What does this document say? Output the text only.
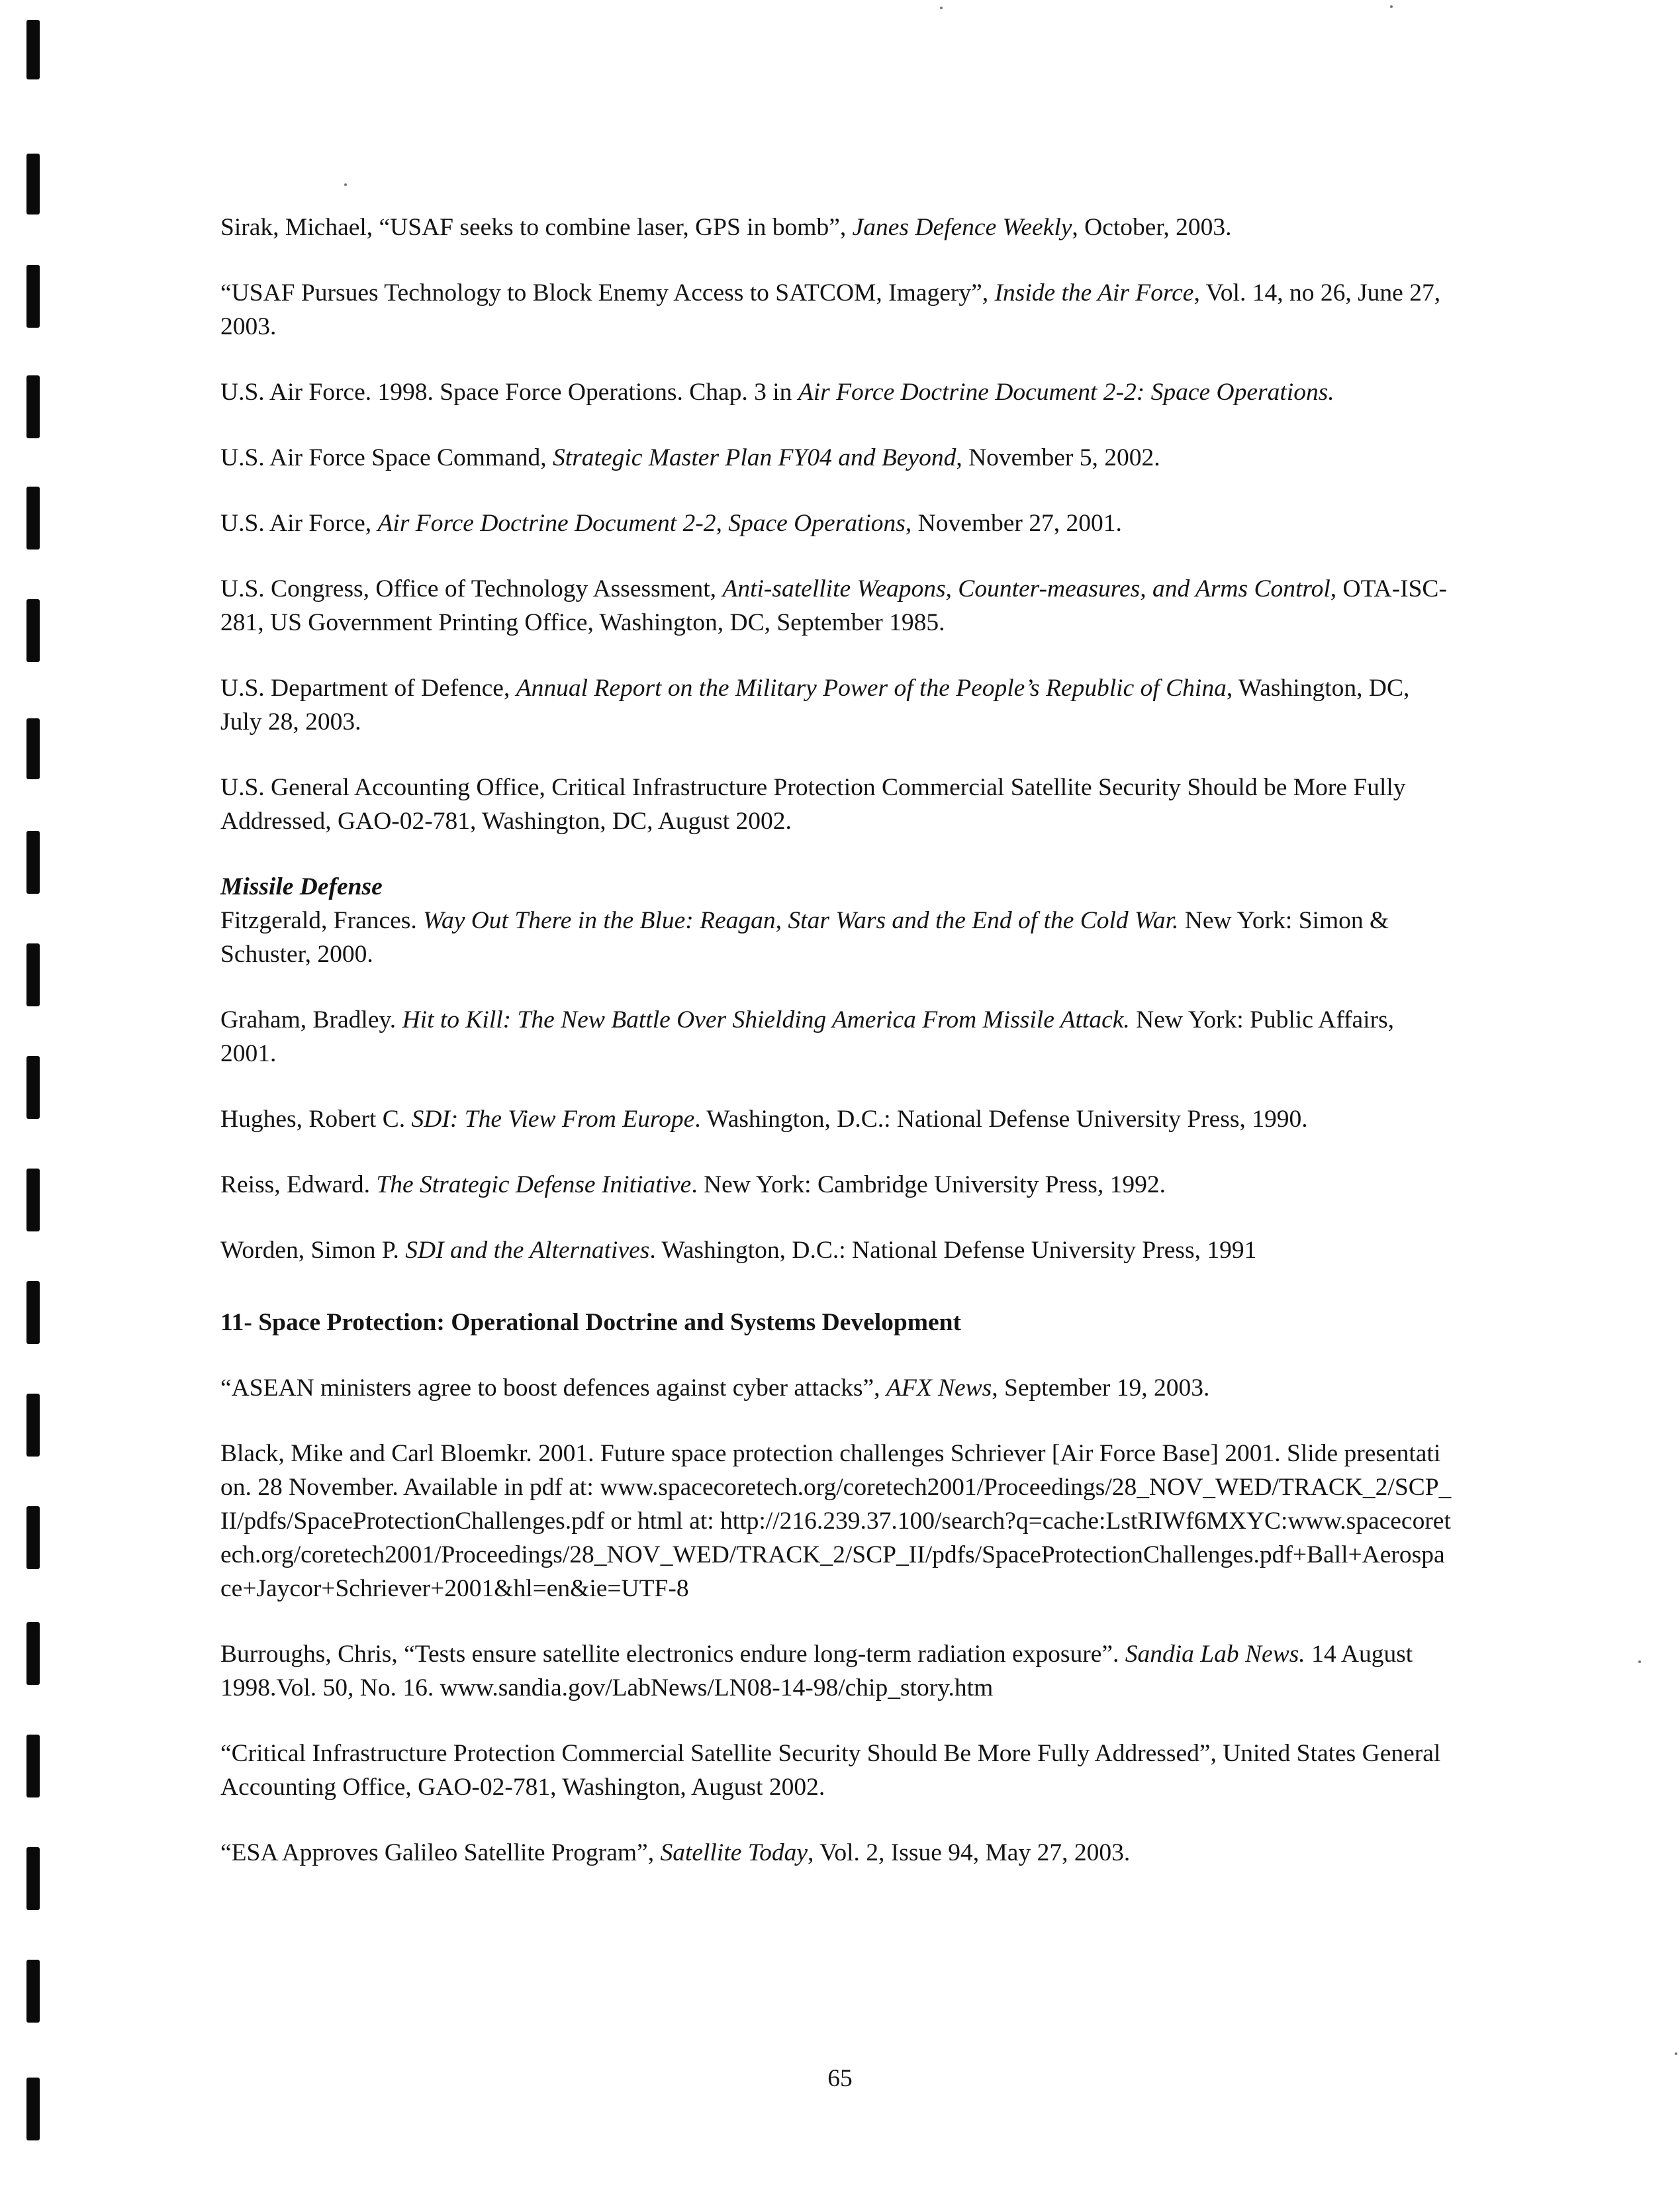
Sirak, Michael, “USAF seeks to combine laser, GPS in bomb”, Janes Defence Weekly, October, 2003.

“USAF Pursues Technology to Block Enemy Access to SATCOM, Imagery”, Inside the Air Force, Vol. 14, no 26, June 27, 2003.

U.S. Air Force. 1998. Space Force Operations. Chap. 3 in Air Force Doctrine Document 2-2: Space Operations.

U.S. Air Force Space Command, Strategic Master Plan FY04 and Beyond, November 5, 2002.

U.S. Air Force, Air Force Doctrine Document 2-2, Space Operations, November 27, 2001.

U.S. Congress, Office of Technology Assessment, Anti-satellite Weapons, Counter-measures, and Arms Control, OTA-ISC-281, US Government Printing Office, Washington, DC, September 1985.

U.S. Department of Defence, Annual Report on the Military Power of the People’s Republic of China, Washington, DC, July 28, 2003.

U.S. General Accounting Office, Critical Infrastructure Protection Commercial Satellite Security Should be More Fully Addressed, GAO-02-781, Washington, DC, August 2002.

Missile Defense

Fitzgerald, Frances. Way Out There in the Blue: Reagan, Star Wars and the End of the Cold War. New York: Simon & Schuster, 2000.

Graham, Bradley. Hit to Kill: The New Battle Over Shielding America From Missile Attack. New York: Public Affairs, 2001.

Hughes, Robert C. SDI: The View From Europe. Washington, D.C.: National Defense University Press, 1990.

Reiss, Edward. The Strategic Defense Initiative. New York: Cambridge University Press, 1992.

Worden, Simon P. SDI and the Alternatives. Washington, D.C.: National Defense University Press, 1991

11- Space Protection: Operational Doctrine and Systems Development

“ASEAN ministers agree to boost defences against cyber attacks”, AFX News, September 19, 2003.

Black, Mike and Carl Bloemkr. 2001. Future space protection challenges Schriever [Air Force Base] 2001. Slide presentation. 28 November. Available in pdf at: www.spacecoretech.org/coretech2001/Proceedings/28_NOV_WED/TRACK_2/SCP_II/pdfs/SpaceProtectionChallenges.pdf or html at: http://216.239.37.100/search?q=cache:LstRIWf6MXYC:www.spacecoretech.org/coretech2001/Proceedings/28_NOV_WED/TRACK_2/SCP_II/pdfs/SpaceProtectionChallenges.pdf+Ball+Aerospace+Jaycor+Schriever+2001&hl=en&ie=UTF-8

Burroughs, Chris, “Tests ensure satellite electronics endure long-term radiation exposure”. Sandia Lab News. 14 August 1998.Vol. 50, No. 16. www.sandia.gov/LabNews/LN08-14-98/chip_story.htm

“Critical Infrastructure Protection Commercial Satellite Security Should Be More Fully Addressed”, United States General Accounting Office, GAO-02-781, Washington, August 2002.

“ESA Approves Galileo Satellite Program”, Satellite Today, Vol. 2, Issue 94, May 27, 2003.

65
